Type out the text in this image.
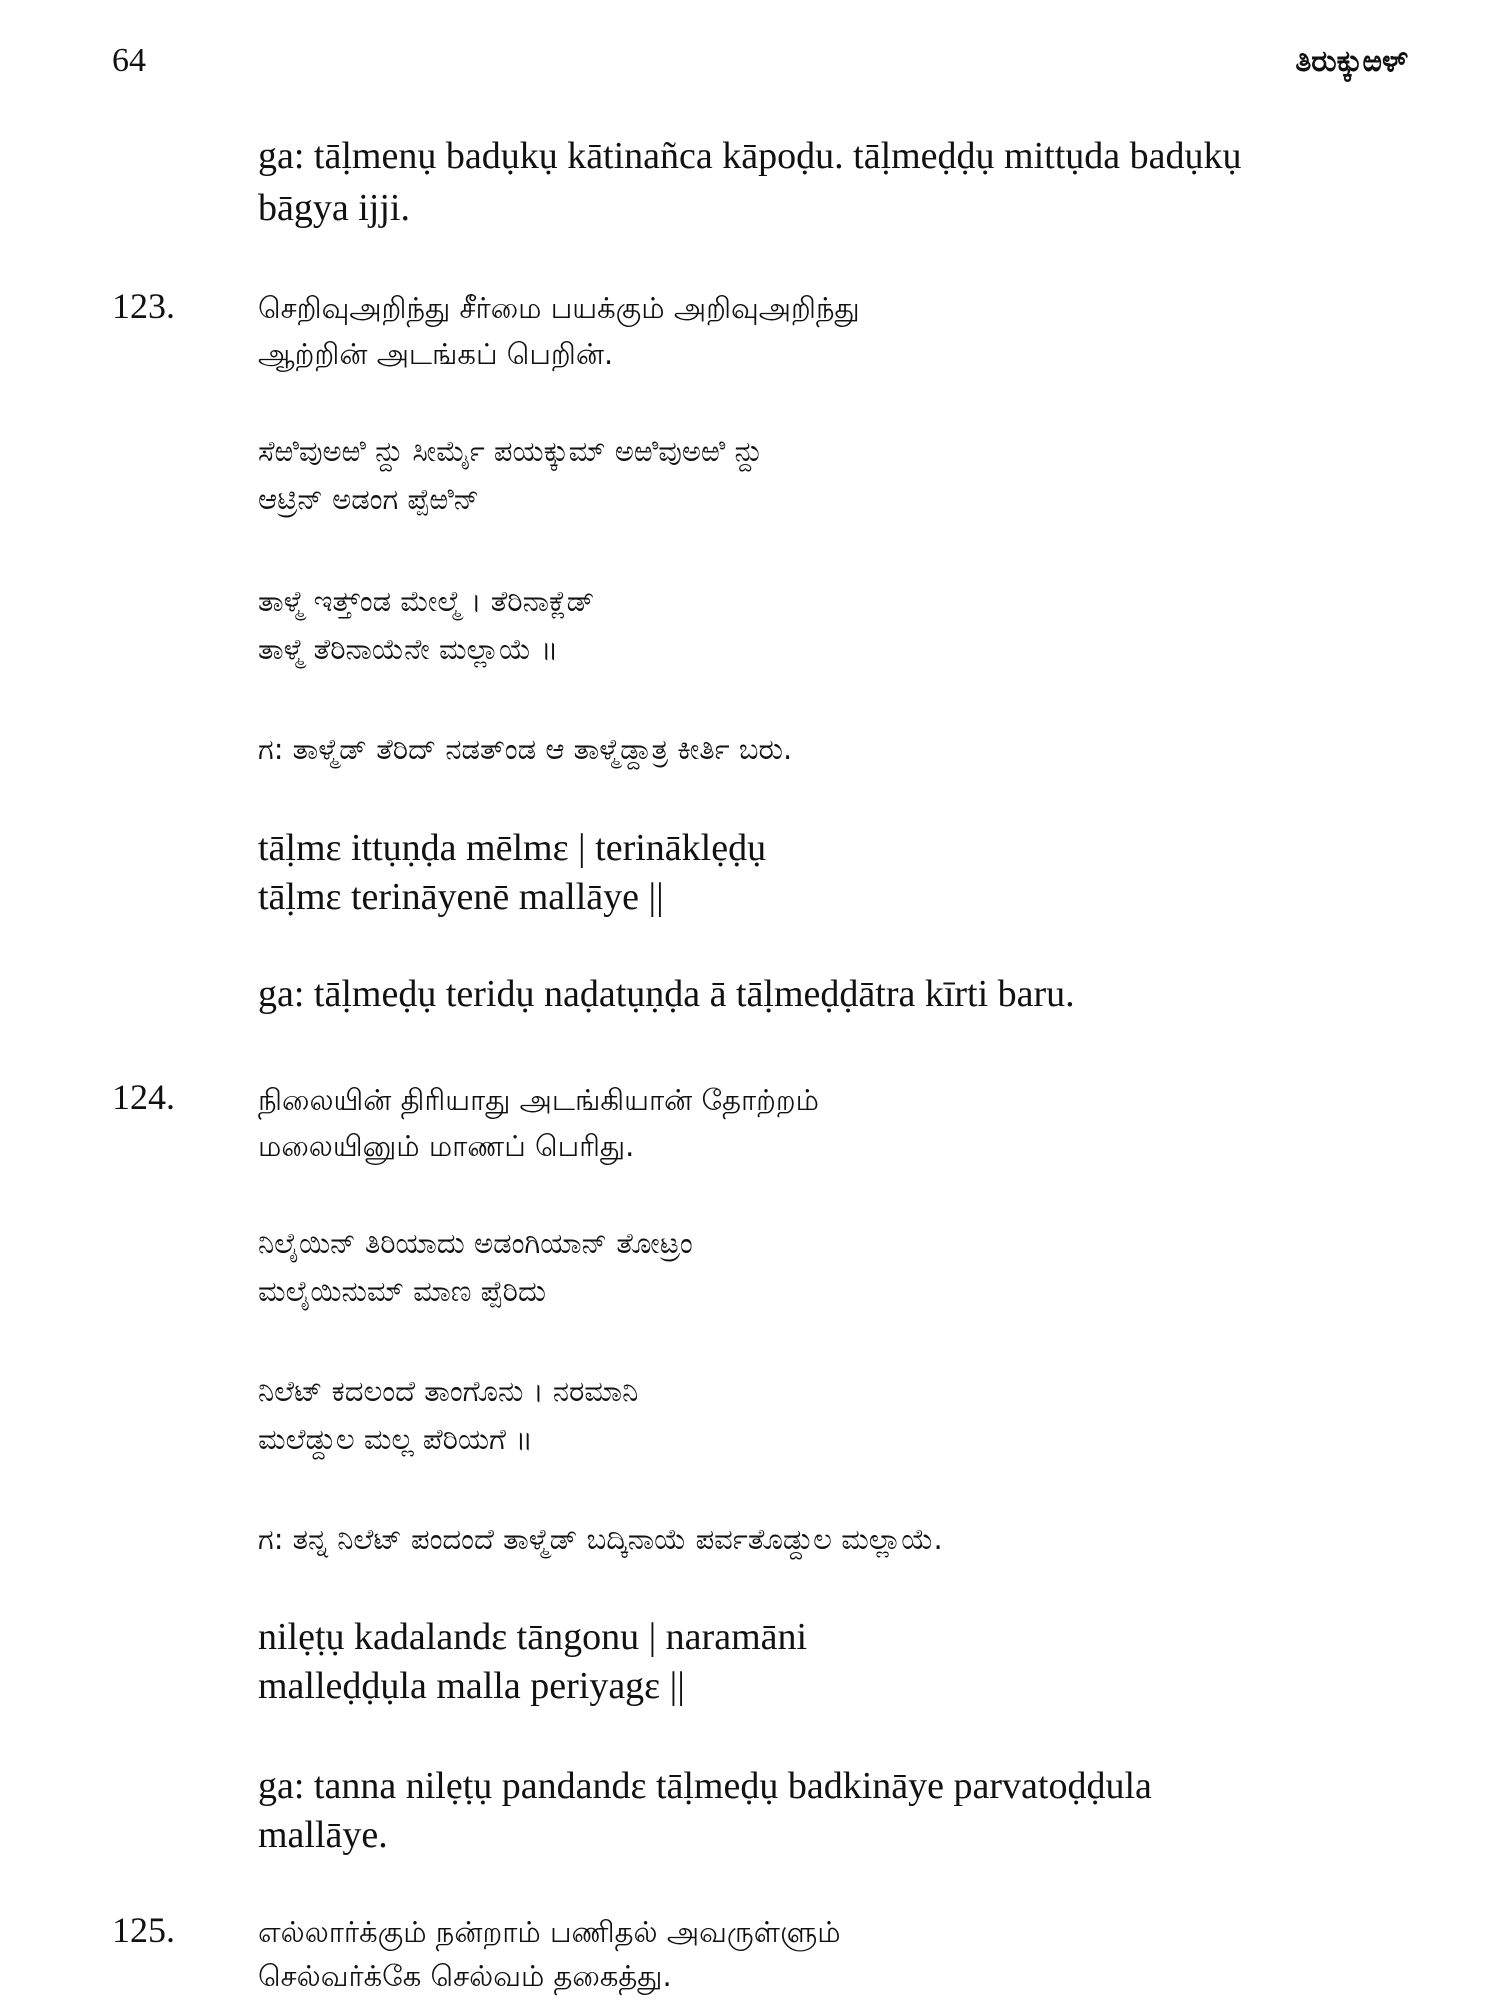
64	ತಿರುಕ್ಕುಱಳ್
ga: tāḷmenụ badụkụ kātinañca kāpoḍu. tāḷmeḍḍụ mittụda badụkụ
bāgya ijji.
123.	செறிவுஅறிந்து சீர்மை பயக்கும் அறிவுஅறிந்து
ஆற்றின் அடங்கப் பெறின்.
ಸೆಱಿವುಅಱಿ ನ್ದು ಸೀರ್ಮೈ ಪಯಕ್ಕುಮ್ ಅಱಿವುಅಱಿ ನ್ದು
ಆಟ್ರಿನ್ ಅಡಂಗ ಪ್ಪೆಱಿನ್
ತಾಳ್ಮೆ ಇತ್ತ್‌ಂಡ ಮೇಲ್ಮೆ । ತೆರಿನಾಕ್ಲೆಡ್
ತಾಳ್ಮೆ ತೆರಿನಾಯೆನೇ ಮಲ್ಲಾಯೆ ॥
ಗ: ತಾಳ್ಮೆಡ್ ತೆರಿದ್ ನಡತ್‌ಂಡ ಆ ತಾಳ್ಮೆಡ್ದಾತ್ರ ಕೀರ್ತಿ ಬರು.
tāḷmɛ ittụṇḍa mēlmɛ | terināklẹḍụ
tāḷmɛ terināyenē mallāye ||
ga: tāḷmeḍụ teridụ naḍatụṇḍa ā tāḷmeḍḍātra kīrti baru.
124.	நிலையின் திரியாது அடங்கியான் தோற்றம்
மலையினும் மாணப் பெரிது.
ನಿಲೈಯಿನ್ ತಿರಿಯಾದು ಅಡಂಗಿಯಾನ್ ತೋಟ್ರಂ
ಮಲೈಯಿನುಮ್ ಮಾಣ ಪ್ಪೆರಿದು
ನಿಲೆಟ್ ಕದಲಂದೆ ತಾಂಗೊನು । ನರಮಾನಿ
ಮಲೆಡ್ದುಲ ಮಲ್ಲ ಪೆರಿಯಗೆ ॥
ಗ: ತನ್ನ ನಿಲೆಟ್ ಪಂದಂದೆ ತಾಳ್ಮೆಡ್ ಬದ್ಕಿನಾಯೆ ಪರ್ವತೊಡ್ದುಲ ಮಲ್ಲಾಯೆ.
nilẹṭụ kadalandɛ tāngonu | naramāni
malleḍḍụla malla periyagɛ ||
ga: tanna nilẹṭụ pandandɛ tāḷmeḍụ badkināye parvatoḍḍula
mallāye.
125.	எல்லார்க்கும் நன்றாம் பணிதல் அவருள்ளும்
செல்வர்க்கே செல்வம் தகைத்து.
